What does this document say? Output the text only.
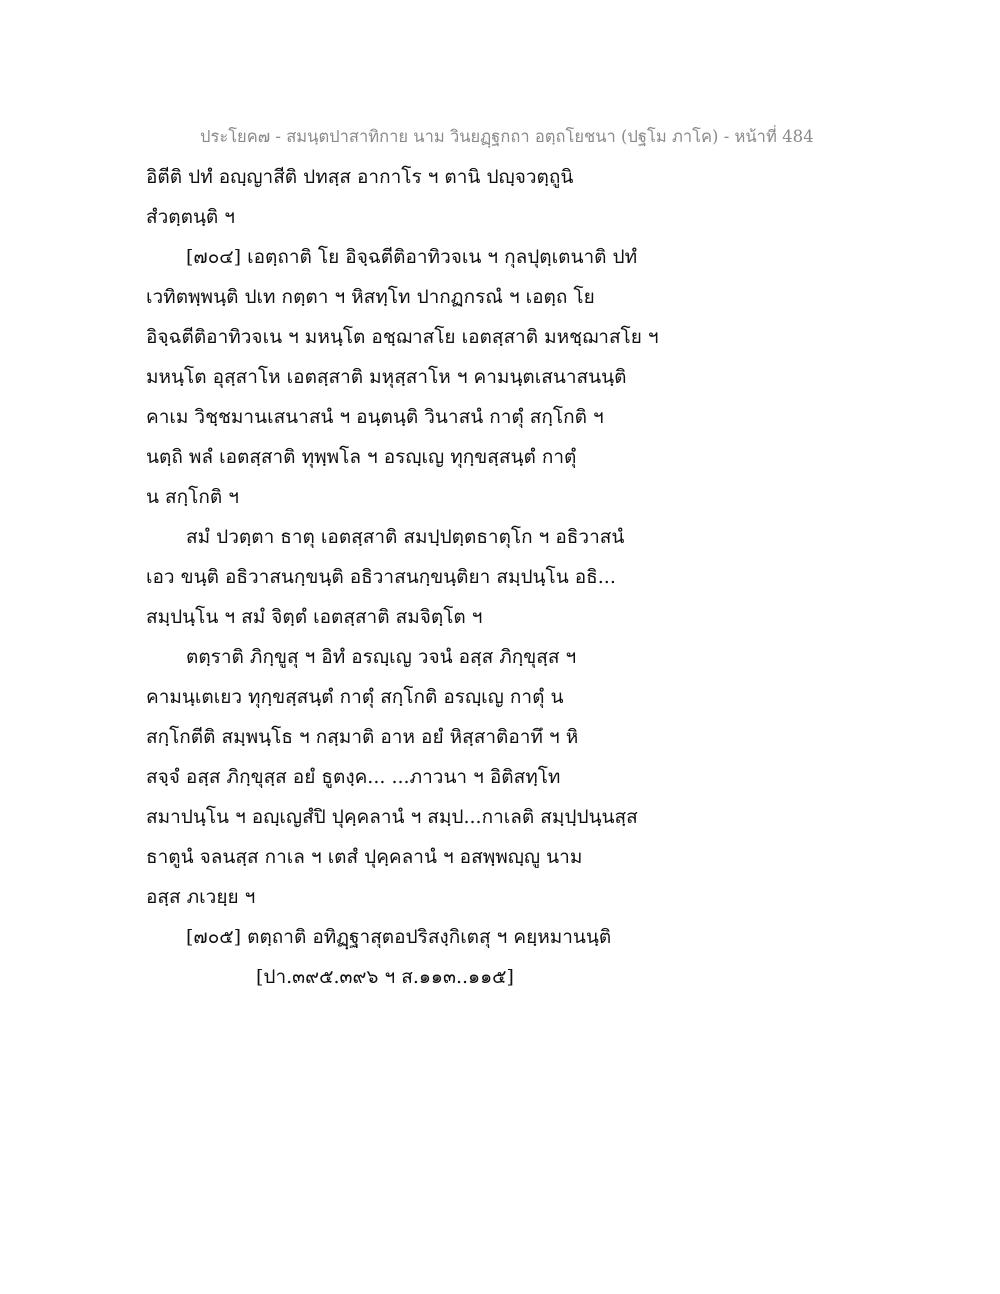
ประโยค๗ - สมนฺตปาสาทิกาย นาม วินยฏฺฐกถา อตฺถโยชนา (ปฐโม ภาโค) - หน้าที่ 484
อิตีติ ปทํ อญฺญาสีติ ปทสฺส อากาโร ฯ ตานิ ปญฺจวตฺถูนิ
สํวตฺตนฺติ ฯ
[๗๐๔] เอตฺถาติ โย อิจฺฉตีติอาทิวจเน ฯ กุลปุตฺเตนาติ ปทํ
เวทิตพฺพนฺติ ปเท กตฺตา ฯ หิสทฺโท ปากฏกรณํ ฯ เอตฺถ โย
อิจฺฉตีติอาทิวจเน ฯ มหนฺโต อชฺฌาสโย เอตสฺสาติ มหชฺฌาสโย ฯ
มหนฺโต อุสฺสาโห เอตสฺสาติ มหุสฺสาโห ฯ คามนฺตเสนาสนนฺติ
คาเม วิชฺชมานเสนาสนํ ฯ อนฺตนฺติ วินาสนํ กาตุํ สกฺโกติ ฯ
นตฺถิ พลํ เอตสฺสาติ ทุพฺพโล ฯ อรญฺเญ ทุกฺขสฺสนฺตํ กาตุํ
น สกฺโกติ ฯ
สมํ ปวตฺตา ธาตุ เอตสฺสาติ สมปฺปตฺตธาตุโก ฯ อธิวาสนํ
เอว ขนฺติ อธิวาสนกฺขนฺติ อธิวาสนกฺขนฺติยา สมฺปนฺโน อธิ...
สมฺปนฺโน ฯ สมํ จิตฺตํ เอตสฺสาติ สมจิตฺโต ฯ
ตตฺราติ ภิกฺขูสุ ฯ อิทํ อรญฺเญ วจนํ อสฺส ภิกฺขุสฺส ฯ
คามนฺเตเยว ทุกฺขสฺสนฺตํ กาตุํ สกฺโกติ อรญฺเญ กาตุํ น
สกฺโกตีติ สมฺพนฺโธ ฯ กสฺมาติ อาห อยํ หิสฺสาติอาทึ ฯ หิ
สจฺจํ อสฺส ภิกฺขุสฺส อยํ ธูตงฺค... ...ภาวนา ฯ อิติสทฺโท
สมาปนฺโน ฯ อญฺเญสํปิ ปุคฺคลานํ ฯ สมฺป...กาเลติ สมฺปฺปนฺนสฺส
ธาตูนํ จลนสฺส กาเล ฯ เตสํ ปุคฺคลานํ ฯ อสพฺพญฺญู นาม
อสฺส ภเวยฺย ฯ
[๗๐๕] ตตฺถาติ อทิฏฺฐาสุตอปริสงฺกิเตสุ ฯ คยฺหมานนฺติ
[ปา.๓๙๕.๓๙๖ ฯ ส.๑๑๓..๑๑๕]
